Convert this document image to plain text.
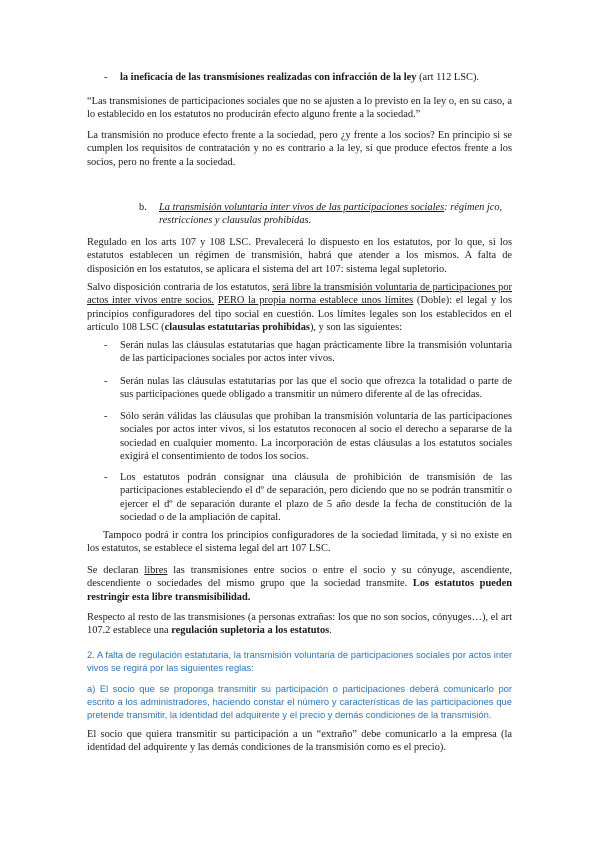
- la ineficacia de las transmisiones realizadas con infracción de la ley (art 112 LSC).

“Las transmisiones de participaciones sociales que no se ajusten a lo previsto en la ley o, en su caso, a lo establecido en los estatutos no producirán efecto alguno frente a la sociedad.”

La transmisión no produce efecto frente a la sociedad, pero ¿y frente a los socios? En principio si se cumplen los requisitos de contratación y no es contrario a la ley, sí que produce efectos frente a los socios, pero no frente a la sociedad.

b. La transmisión voluntaria inter vivos de las participaciones sociales: régimen jco, restricciones y clausulas prohibidas.

Regulado en los arts 107 y 108 LSC. Prevalecerá lo dispuesto en los estatutos, por lo que, si los estatutos establecen un régimen de transmisión, habrá que atender a los mismos. A falta de disposición en los estatutos, se aplicara el sistema del art 107: sistema legal supletorio.

Salvo disposición contraria de los estatutos, será libre la transmisión voluntaria de participaciones por actos inter vivos entre socios. PERO la propia norma establece unos límites (Doble): el legal y los principios configuradores del tipo social en cuestión. Los límites legales son los establecidos en el artículo 108 LSC (clausulas estatutarias prohibidas), y son las siguientes:

- Serán nulas las cláusulas estatutarias que hagan prácticamente libre la transmisión voluntaria de las participaciones sociales por actos inter vivos.

- Serán nulas las cláusulas estatutarias por las que el socio que ofrezca la totalidad o parte de sus participaciones quede obligado a transmitir un número diferente al de las ofrecidas.

- Sólo serán válidas las cláusulas que prohíban la transmisión voluntaria de las participaciones sociales por actos inter vivos, si los estatutos reconocen al socio el derecho a separarse de la sociedad en cualquier momento. La incorporación de estas cláusulas a los estatutos sociales exigirá el consentimiento de todos los socios.

- Los estatutos podrán consignar una cláusula de prohibición de transmisión de las participaciones estableciendo el dº de separación, pero diciendo que no se podrán transmitir o ejercer el dº de separación durante el plazo de 5 año desde la fecha de constitución de la sociedad o de la ampliación de capital.

Tampoco podrá ir contra los principios configuradores de la sociedad limitada, y si no existe en los estatutos, se establece el sistema legal del art 107 LSC.

Se declaran libres las transmisiones entre socios o entre el socio y su cónyuge, ascendiente, descendiente o sociedades del mismo grupo que la sociedad transmite. Los estatutos pueden restringir esta libre transmisibilidad.

Respecto al resto de las transmisiones (a personas extrañas: los que no son socios, cónyuges…), el art 107.2 establece una regulación supletoria a los estatutos.

2. A falta de regulación estatutaria, la transmisión voluntaria de participaciones sociales por actos inter vivos se regirá por las siguientes reglas:

a) El socio que se proponga transmitir su participación o participaciones deberá comunicarlo por escrito a los administradores, haciendo constar el número y características de las participaciones que pretende transmitir, la identidad del adquirente y el precio y demás condiciones de la transmisión.

El socio que quiera transmitir su participación a un “extraño” debe comunicarlo a la empresa (la identidad del adquirente y las demás condiciones de la transmisión como es el precio).
